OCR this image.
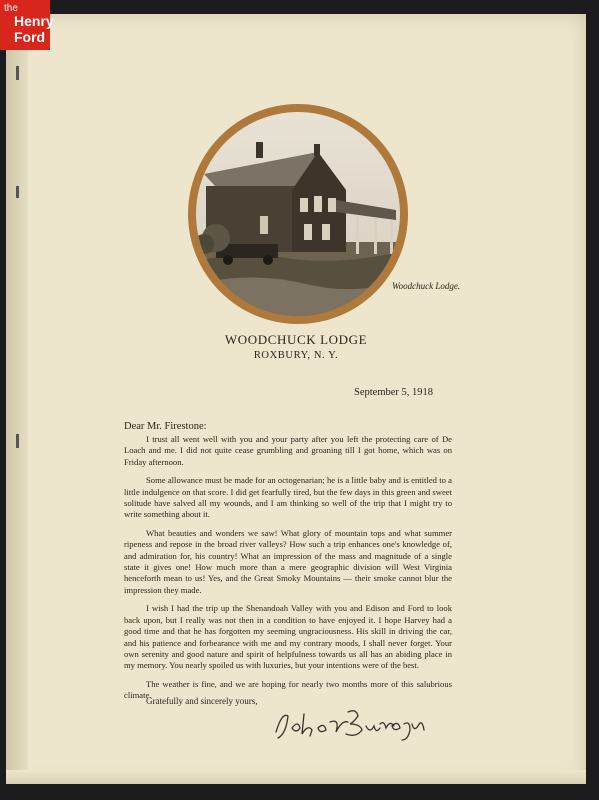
Woodchuck Lodge.
WOODCHUCK LODGE
ROXBURY, N. Y.
September 5, 1918
Dear Mr. Firestone:

I trust all went well with you and your party after you left the protecting care of De Loach and me. I did not quite cease grumbling and groaning till I got home, which was on Friday afternoon.

Some allowance must be made for an octogenarian; he is a little baby and is entitled to a little indulgence on that score. I did get fearfully tired, but the few days in this green and sweet solitude have salved all my wounds, and I am thinking so well of the trip that I might try to write something about it.

What beauties and wonders we saw! What glory of mountain tops and what summer ripeness and repose in the broad river valleys? How such a trip enhances one's knowledge of, and admiration for, his country! What an impression of the mass and magnitude of a single state it gives one! How much more than a mere geographic division will West Virginia henceforth mean to us! Yes, and the Great Smoky Mountains — their smoke cannot blur the impression they made.

I wish I had the trip up the Shenandoah Valley with you and Edison and Ford to look back upon, but I really was not then in a condition to have enjoyed it. I hope Harvey had a good time and that he has forgotten my seeming ungraciousness. His skill in driving the car, and his patience and forbearance with me and my contrary moods, I shall never forget. Your own serenity and good nature and spirit of helpfulness towards us all has an abiding place in my memory. You nearly spoiled us with luxuries, but your intentions were of the best.

The weather is fine, and we are hoping for nearly two months more of this salubrious climate.

Gratefully and sincerely yours,
the
Henry
Ford
